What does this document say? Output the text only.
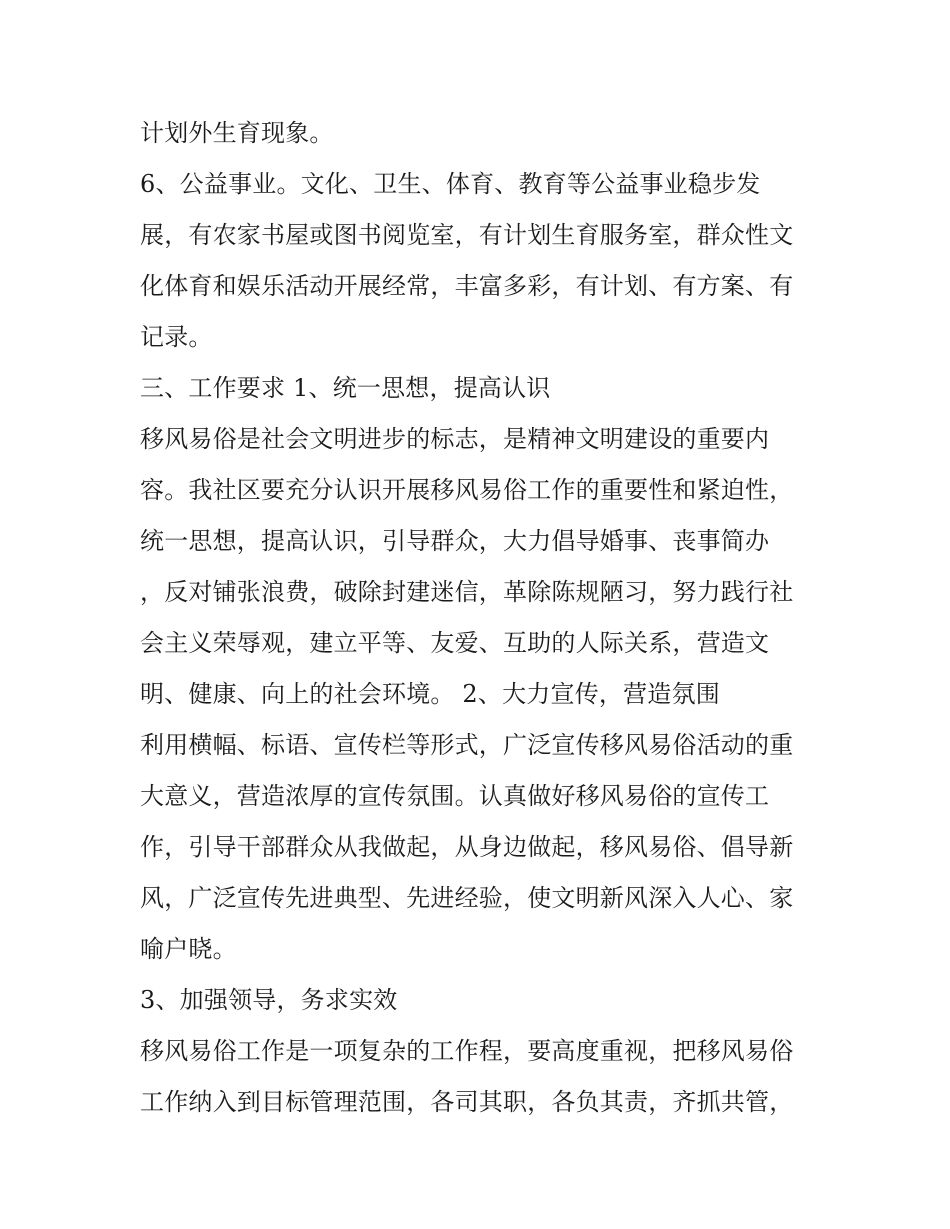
计划外生育现象。
6、公益事业。文化、卫生、体育、教育等公益事业稳步发
展，有农家书屋或图书阅览室，有计划生育服务室，群众性文
化体育和娱乐活动开展经常，丰富多彩，有计划、有方案、有
记录。
三、工作要求 1、统一思想，提高认识
移风易俗是社会文明进步的标志，是精神文明建设的重要内
容。我社区要充分认识开展移风易俗工作的重要性和紧迫性，
统一思想，提高认识，引导群众，大力倡导婚事、丧事简办
，反对铺张浪费，破除封建迷信，革除陈规陋习，努力践行社
会主义荣辱观，建立平等、友爱、互助的人际关系，营造文
明、健康、向上的社会环境。 2、大力宣传，营造氛围
利用横幅、标语、宣传栏等形式，广泛宣传移风易俗活动的重
大意义，营造浓厚的宣传氛围。认真做好移风易俗的宣传工
作，引导干部群众从我做起，从身边做起，移风易俗、倡导新
风，广泛宣传先进典型、先进经验，使文明新风深入人心、家
喻户晓。
3、加强领导，务求实效
移风易俗工作是一项复杂的工作程，要高度重视，把移风易俗
工作纳入到目标管理范围，各司其职，各负其责，齐抓共管，
